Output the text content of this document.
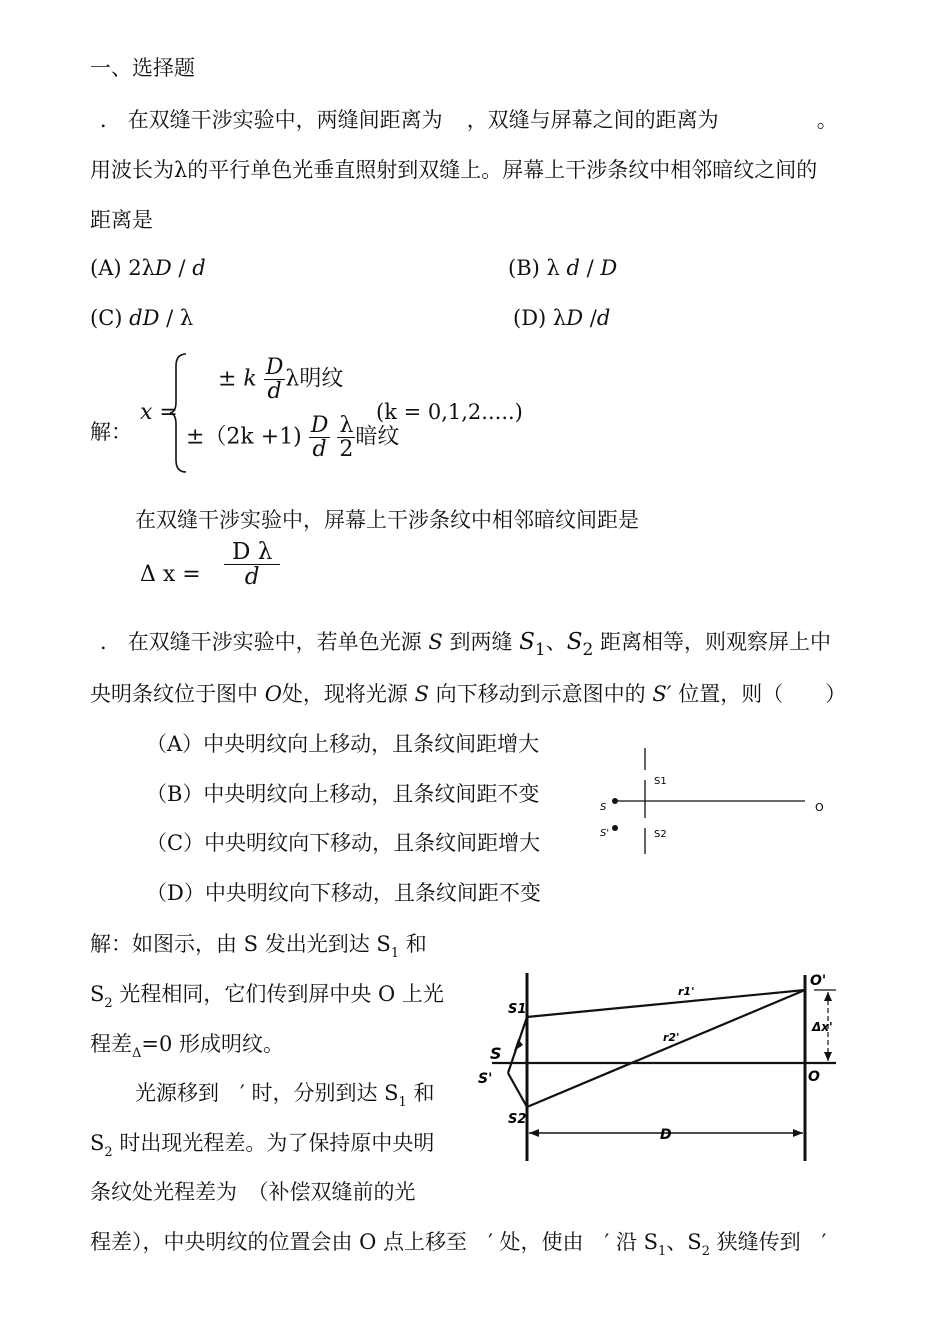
一、选择题
． 在双缝干涉实验中，两缝间距离为 ，双缝与屏幕之间的距离为	。
用波长为λ的平行单色光垂直照射到双缝上。屏幕上干涉条纹中相邻暗纹之间的
距离是
(A) 2λD / d	(B) λ d / D
(C) dD / λ	(D) λD /d
解：
x =
± k $\frac{D}{d}$ λ明纹
$\pm(2k +1) \frac{D}{d}$
$\frac{\lambda}{2}$ 暗纹
(k = 0,1,2.....)
在双缝干涉实验中，屏幕上干涉条纹中相邻暗纹间距是
Δ $x = \frac{\text{D λ}}{d}$
． 在双缝干涉实验中，若单色光源 S 到两缝 $S_1$、$S_2$ 距离相等，则观察屏上中
央明条纹位于图中 O处，现将光源 S 向下移动到示意图中的 S′ 位置，则（　　）
（A）中央明纹向上移动，且条纹间距增大
（B）中央明纹向上移动，且条纹间距不变
（C）中央明纹向下移动，且条纹间距增大
（D）中央明纹向下移动，且条纹间距不变
S1
S2
S
S'
O
解：如图示，由 S 发出光到达 $S_1$ 和
$S_2$ 光程相同，它们传到屏中央 O 上光
程差$_\Delta$=0 形成明纹。
光源移到　′ 时，分别到达 $S_1$ 和
$S_2$ 时出现光程差。为了保持原中央明
条纹处光程差为　（补偿双缝前的光
程差），中央明纹的位置会由 O 点上移至　′ 处，使由　′ 沿 $S_1$、$S_2$ 狭缝传到　′
S1
S
S'
S2
r1'
r2'
O'
O
Δx'
D
